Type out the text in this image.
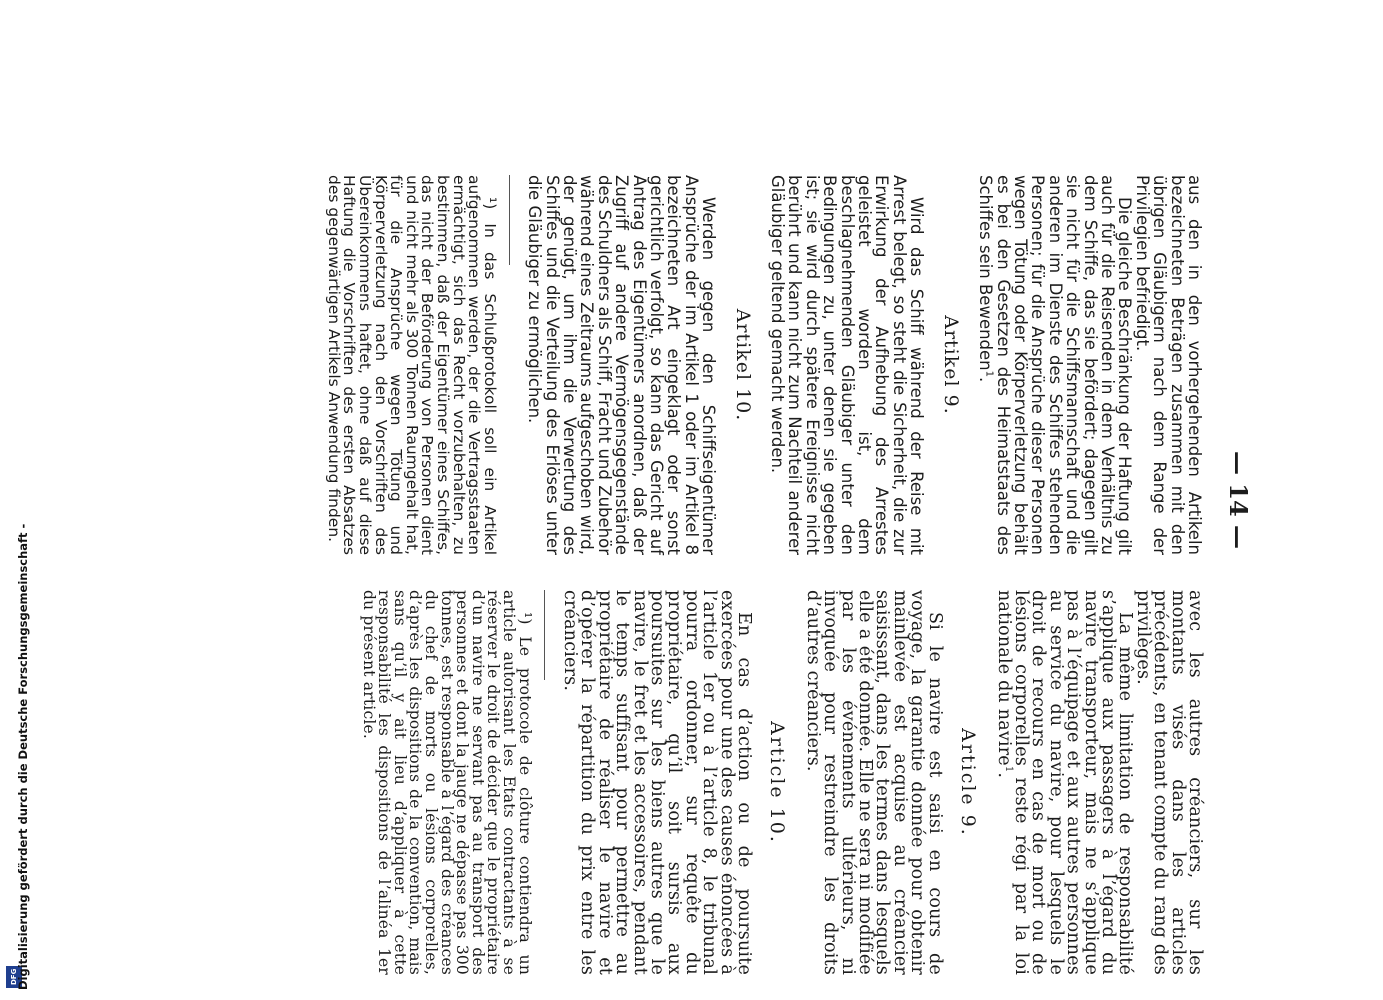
DFG
Digitalisierung gefördert durch die Deutsche Forschungsgemeinschaft -
— 14 —

aus den in den vorhergehenden Artikeln bezeichneten Beträgen zusammen mit den übrigen Gläubigern nach dem Range der Privilegien befriedigt.

Die gleiche Beschränkung der Haftung gilt auch für die Reisenden in dem Verhältnis zu dem Schiffe, das sie befördert; dagegen gilt sie nicht für die Schiffsmannschaft und die anderen im Dienste des Schiffes stehenden Personen; für die Ansprüche dieser Personen wegen Tötung oder Körperverletzung behält es bei den Gesetzen des Heimatstaats des Schiffes sein Bewenden$^1$.

Artikel 9.

Wird das Schiff während der Reise mit Arrest belegt, so steht die Sicherheit, die zur Erwirkung der Aufhebung des Arrestes geleistet worden ist, dem beschlagnehmenden Gläubiger unter den Bedingungen zu, unter denen sie gegeben ist; sie wird durch spätere Ereignisse nicht berührt und kann nicht zum Nachteil anderer Gläubiger geltend gemacht werden.

Artikel 10.

Werden gegen den Schiffseigentümer Ansprüche der im Artikel 1 oder im Artikel 8 bezeichneten Art eingeklagt oder sonst gerichtlich verfolgt, so kann das Gericht auf Antrag des Eigentümers anordnen, daß der Zugriff auf andere Vermögensgegenstände des Schuldners als Schiff, Fracht und Zubehör während eines Zeitraums aufgeschoben wird, der genügt, um ihm die Verwertung des Schiffes und die Verteilung des Erlöses unter die Gläubiger zu ermöglichen.

¹) In das Schlußprotokoll soll ein Artikel aufgenommen werden, der die Vertragsstaaten ermächtigt, sich das Recht vorzubehalten, zu bestimmen, daß der Eigentümer eines Schiffes, das nicht der Beförderung von Personen dient und nicht mehr als 300 Tonnen Raumgehalt hat, für die Ansprüche wegen Tötung und Körperverletzung nach den Vorschriften des Übereinkommens haftet, ohne daß auf diese Haftung die Vorschriften des ersten Absatzes des gegenwärtigen Artikels Anwendung finden.

avec les autres créanciers, sur les montants visés dans les articles précédents, en tenant compte du rang des privilèges.

La même limitation de responsabilité s’applique aux passagers à l’égard du navire transporteur, mais ne s’applique pas à l’équipage et aux autres personnes au service du navire, pour lesquels le droit de recours en cas de mort ou de lésions corporelles reste régi par la loi nationale du navire$^1$.

Article 9.

Si le navire est saisi en cours de voyage, la garantie donnée pour obtenir mainlevée est acquise au créancier saisissant, dans les termes dans lesquels elle a été donnée. Elle ne sera ni modifiée par les événements ultérieurs, ni invoquée pour restreindre les droits d’autres créanciers.

Article 10.

En cas d’action ou de poursuite exercées pour une des causes énoncées à l’article 1er ou à l’article 8, le tribunal pourra ordonner, sur requête du propriétaire, qu’il soit sursis aux poursuites sur les biens autres que le navire, le fret et les accessoires, pendant le temps suffisant pour permettre au propriétaire de réaliser le navire et d’opérer la répartition du prix entre les créanciers.

¹) Le protocole de clôture contiendra un article autorisant les Etats contractants à se réserver le droit de décider que le propriétaire d’un navire ne servant pas au transport des personnes et dont la jauge ne dépasse pas 300 tonnes, est responsable à l’égard des créances du chef de morts ou lésions corporelles, d’après les dispositions de la convention, mais sans qu’il y ait lieu d’appliquer à cette responsabilité les dispositions de l’alinéa 1er du présent article.
